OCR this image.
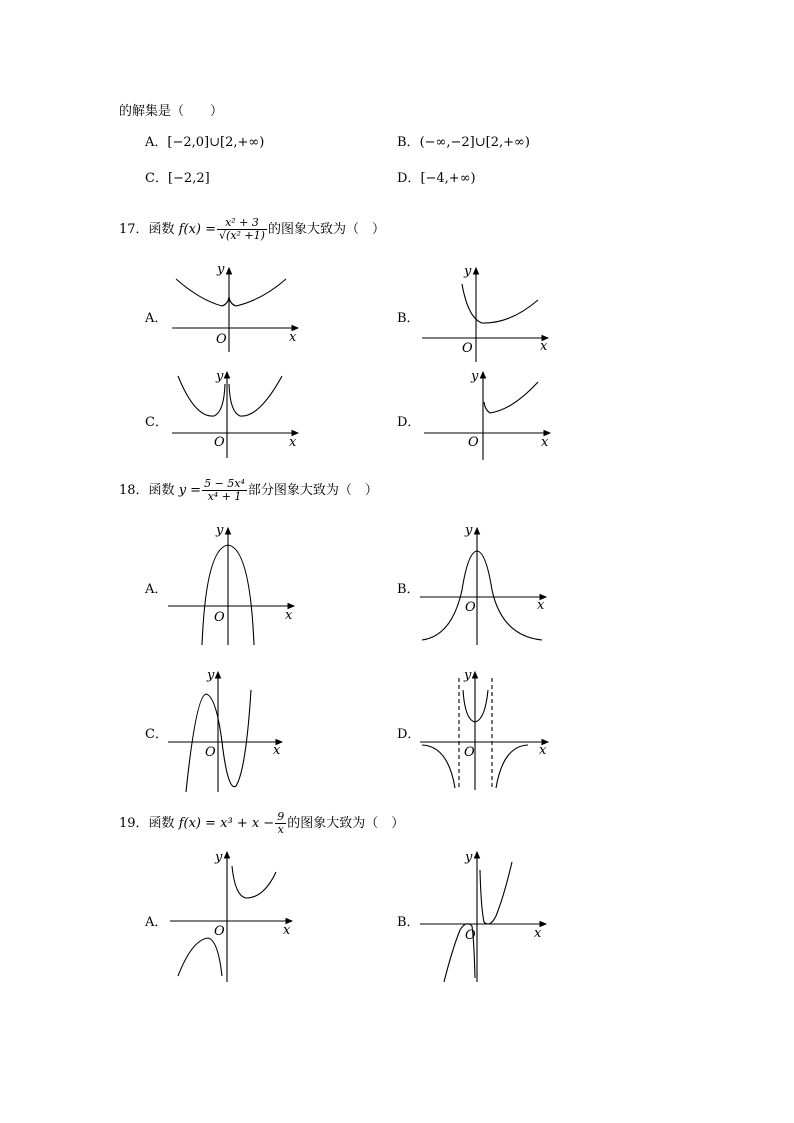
的解集是（　　）
A．[−2,0]∪[2,+∞)	B．(−∞,−2]∪[2,+∞)
C．[−2,2]	D．[−4,+∞)
17．函数 $f(x) = \frac{\text{x² + 3}}{\text{√(x² +1)}}$ 的图象大致为（　）
A．	B．
C．	D．
y
x
O
y
x
O
y
x
O
y
x
O
18．函数 $y = \frac{\text{5 − 5x⁴}}{\text{x⁴ + 1}}$ 部分图象大致为（　）
A．	B．
C．	D．
y
x
O
y
x
O
y
x
O
y
x
O
19．函数 $f(x) = x^3 + x - \frac{9}{x}$ 的图象大致为（　）
A．	B．
y
x
O
y
x
O
